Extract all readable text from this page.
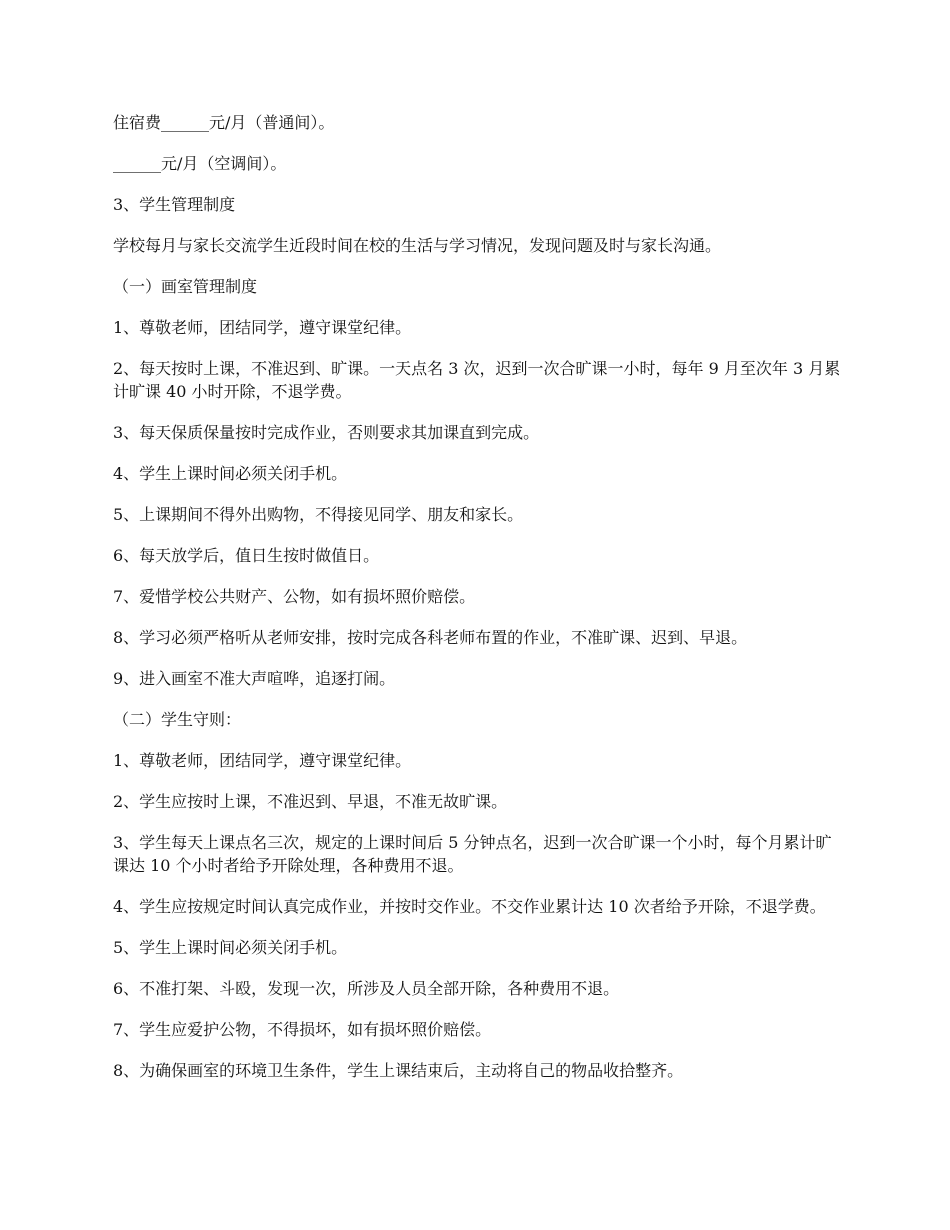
住宿费______元/月（普通间）。

______元/月（空调间）。

3、学生管理制度

学校每月与家长交流学生近段时间在校的生活与学习情况，发现问题及时与家长沟通。

（一）画室管理制度

1、尊敬老师，团结同学，遵守课堂纪律。

2、每天按时上课，不准迟到、旷课。一天点名 3 次，迟到一次合旷课一小时，每年 9 月至次年 3 月累计旷课 40 小时开除，不退学费。

3、每天保质保量按时完成作业，否则要求其加课直到完成。

4、学生上课时间必须关闭手机。

5、上课期间不得外出购物，不得接见同学、朋友和家长。

6、每天放学后，值日生按时做值日。

7、爱惜学校公共财产、公物，如有损坏照价赔偿。

8、学习必须严格听从老师安排，按时完成各科老师布置的作业，不准旷课、迟到、早退。

9、进入画室不准大声喧哗，追逐打闹。

（二）学生守则：

1、尊敬老师，团结同学，遵守课堂纪律。

2、学生应按时上课，不准迟到、早退，不准无故旷课。

3、学生每天上课点名三次，规定的上课时间后 5 分钟点名，迟到一次合旷课一个小时，每个月累计旷课达 10 个小时者给予开除处理，各种费用不退。

4、学生应按规定时间认真完成作业，并按时交作业。不交作业累计达 10 次者给予开除，不退学费。

5、学生上课时间必须关闭手机。

6、不准打架、斗殴，发现一次，所涉及人员全部开除，各种费用不退。

7、学生应爱护公物，不得损坏，如有损坏照价赔偿。

8、为确保画室的环境卫生条件，学生上课结束后，主动将自己的物品收拾整齐。
